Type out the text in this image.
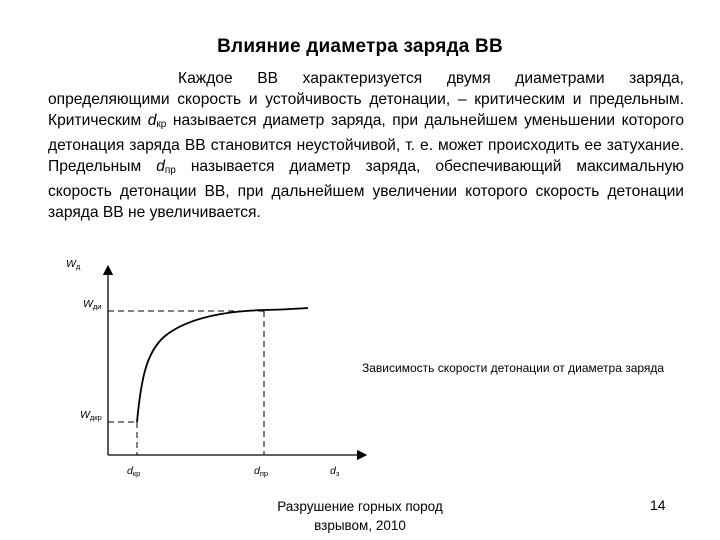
Влияние диаметра заряда ВВ
Каждое ВВ характеризуется двумя диаметрами заряда, определяющими скорость и устойчивость детонации, – критическим и предельным. Критическим $d_{кр}$ называется диаметр заряда, при дальнейшем уменьшении которого детонация заряда ВВ становится неустойчивой, т. е. может происходить ее затухание. Предельным $d_{пр}$ называется диаметр заряда, обеспечивающий максимальную скорость детонации ВВ, при дальнейшем увеличении которого скорость детонации заряда ВВ не увеличивается.
$W_д$
$W_{ди}$
$W_{дкр}$
$d_{кр}$	$d_{пр}$	$d_з$
Зависимость скорости детонации от диаметра заряда
Разрушение горных пород взрывом, 2010
14
